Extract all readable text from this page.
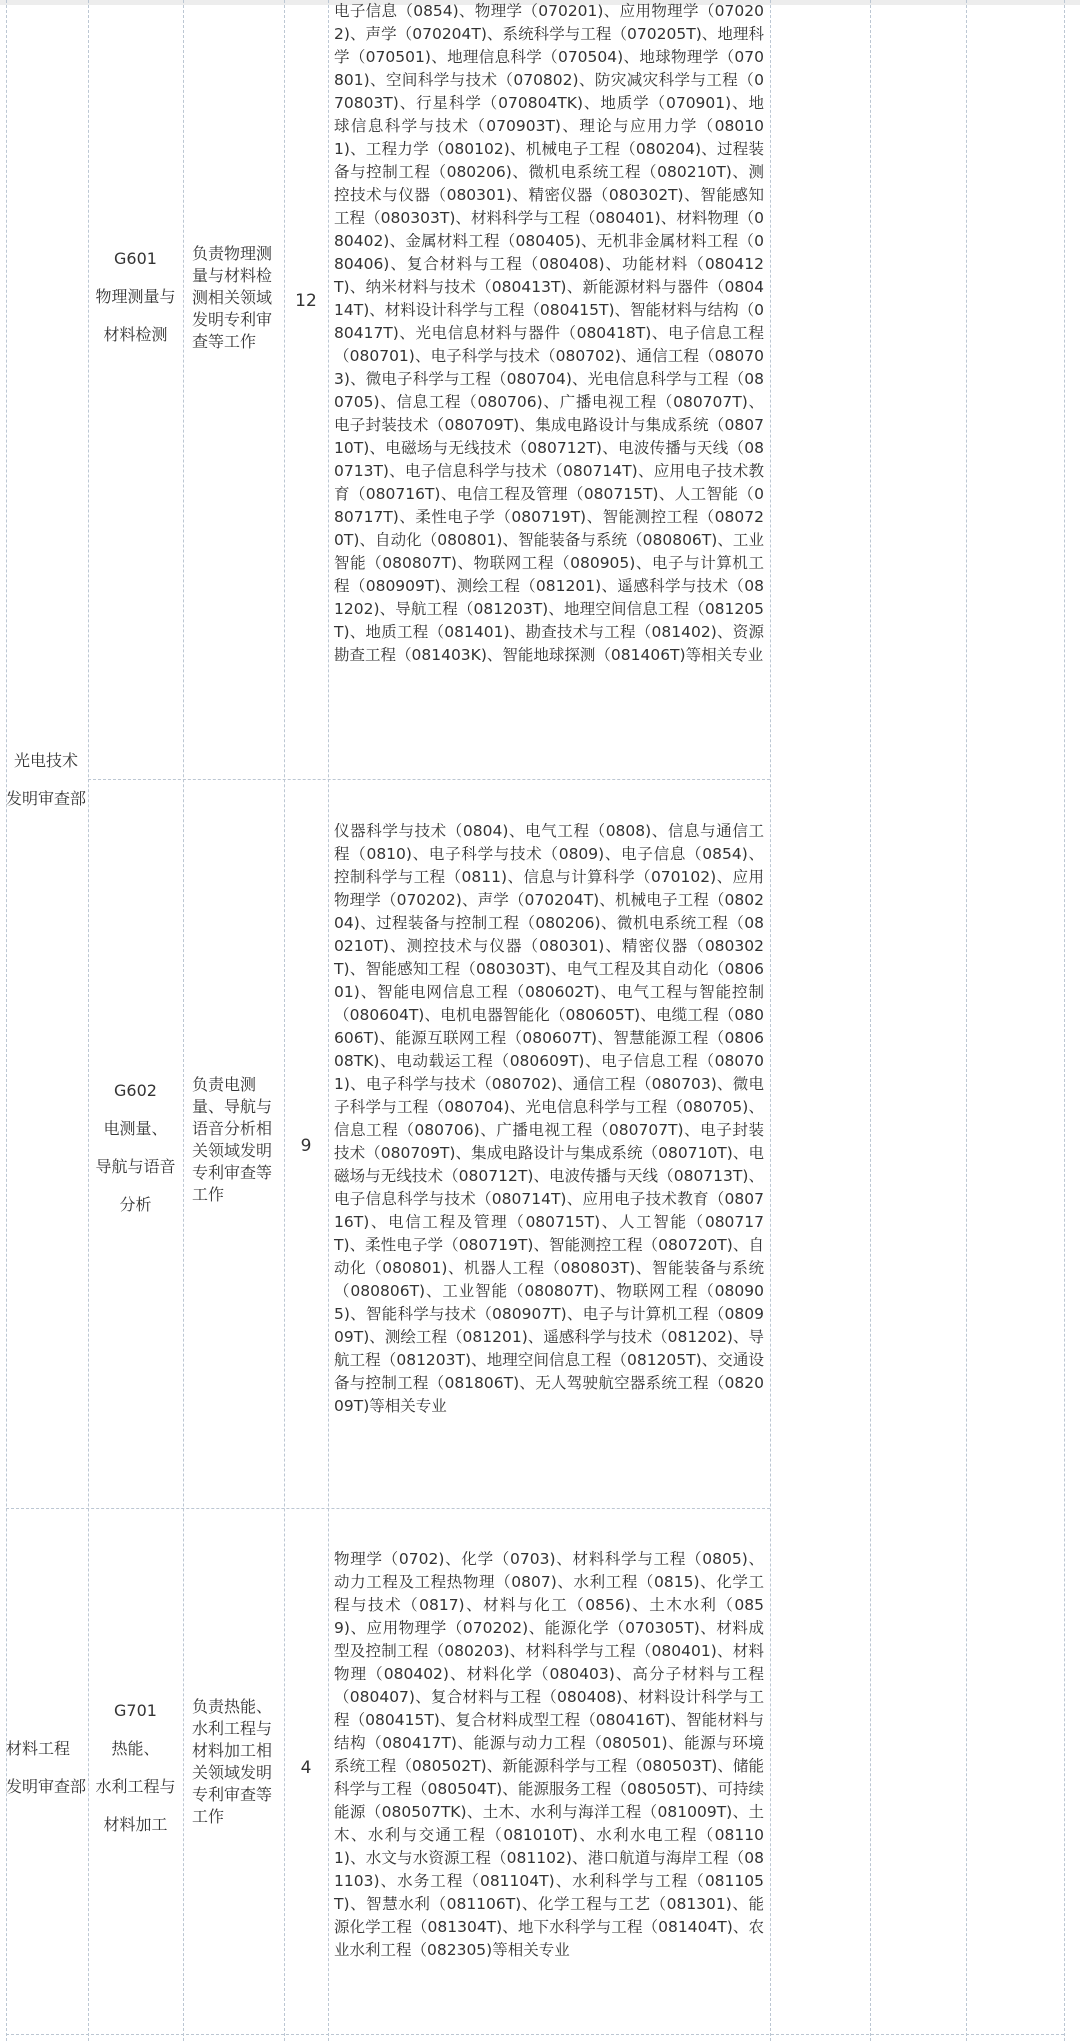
光电技术
发明审查部
G601
物理测量与
材料检测
负责物理测
量与材料检
测相关领域
发明专利审
查等工作
12
电子信息（0854)、物理学（070201)、应用物理学（070202)、声学（070204T)、系统科学与工程（070205T)、地理科学（070501)、地理信息科学（070504)、地球物理学（070801)、空间科学与技术（070802)、防灾减灾科学与工程（070803T)、行星科学（070804TK)、地质学（070901)、地球信息科学与技术（070903T)、理论与应用力学（080101)、工程力学（080102)、机械电子工程（080204)、过程装备与控制工程（080206)、微机电系统工程（080210T)、测控技术与仪器（080301)、精密仪器（080302T)、智能感知工程（080303T)、材料科学与工程（080401)、材料物理（080402)、金属材料工程（080405)、无机非金属材料工程（080406)、复合材料与工程（080408)、功能材料（080412T)、纳米材料与技术（080413T)、新能源材料与器件（080414T)、材料设计科学与工程（080415T)、智能材料与结构（080417T)、光电信息材料与器件（080418T)、电子信息工程（080701)、电子科学与技术（080702)、通信工程（080703)、微电子科学与工程（080704)、光电信息科学与工程（080705)、信息工程（080706)、广播电视工程（080707T)、电子封装技术（080709T)、集成电路设计与集成系统（080710T)、电磁场与无线技术（080712T)、电波传播与天线（080713T)、电子信息科学与技术（080714T)、应用电子技术教育（080716T)、电信工程及管理（080715T)、人工智能（080717T)、柔性电子学（080719T)、智能测控工程（080720T)、自动化（080801)、智能装备与系统（080806T)、工业智能（080807T)、物联网工程（080905)、电子与计算机工程（080909T)、测绘工程（081201)、遥感科学与技术（081202)、导航工程（081203T)、地理空间信息工程（081205T)、地质工程（081401)、勘查技术与工程（081402)、资源勘查工程（081403K)、智能地球探测（081406T)等相关专业
G602
电测量、
导航与语音
分析
负责电测
量、导航与
语音分析相
关领域发明
专利审查等
工作
9
仪器科学与技术（0804)、电气工程（0808)、信息与通信工程（0810)、电子科学与技术（0809)、电子信息（0854)、控制科学与工程（0811)、信息与计算科学（070102)、应用物理学（070202)、声学（070204T)、机械电子工程（080204)、过程装备与控制工程（080206)、微机电系统工程（080210T)、测控技术与仪器（080301)、精密仪器（080302T)、智能感知工程（080303T)、电气工程及其自动化（080601)、智能电网信息工程（080602T)、电气工程与智能控制（080604T)、电机电器智能化（080605T)、电缆工程（080606T)、能源互联网工程（080607T)、智慧能源工程（080608TK)、电动载运工程（080609T)、电子信息工程（080701)、电子科学与技术（080702)、通信工程（080703)、微电子科学与工程（080704)、光电信息科学与工程（080705)、信息工程（080706)、广播电视工程（080707T)、电子封装技术（080709T)、集成电路设计与集成系统（080710T)、电磁场与无线技术（080712T)、电波传播与天线（080713T)、电子信息科学与技术（080714T)、应用电子技术教育（080716T)、电信工程及管理（080715T)、人工智能（080717T)、柔性电子学（080719T)、智能测控工程（080720T)、自动化（080801)、机器人工程（080803T)、智能装备与系统（080806T)、工业智能（080807T)、物联网工程（080905)、智能科学与技术（080907T)、电子与计算机工程（080909T)、测绘工程（081201)、遥感科学与技术（081202)、导航工程（081203T)、地理空间信息工程（081205T)、交通设备与控制工程（081806T)、无人驾驶航空器系统工程（082009T)等相关专业
材料工程
发明审查部
G701
热能、
水利工程与
材料加工
负责热能、
水利工程与
材料加工相
关领域发明
专利审查等
工作
4
物理学（0702)、化学（0703)、材料科学与工程（0805)、动力工程及工程热物理（0807)、水利工程（0815)、化学工程与技术（0817)、材料与化工（0856)、土木水利（0859)、应用物理学（070202)、能源化学（070305T)、材料成型及控制工程（080203)、材料科学与工程（080401)、材料物理（080402)、材料化学（080403)、高分子材料与工程（080407)、复合材料与工程（080408)、材料设计科学与工程（080415T)、复合材料成型工程（080416T)、智能材料与结构（080417T)、能源与动力工程（080501)、能源与环境系统工程（080502T)、新能源科学与工程（080503T)、储能科学与工程（080504T)、能源服务工程（080505T)、可持续能源（080507TK)、土木、水利与海洋工程（081009T)、土木、水利与交通工程（081010T)、水利水电工程（081101)、水文与水资源工程（081102)、港口航道与海岸工程（081103)、水务工程（081104T)、水利科学与工程（081105T)、智慧水利（081106T)、化学工程与工艺（081301)、能源化学工程（081304T)、地下水科学与工程（081404T)、农业水利工程（082305)等相关专业
